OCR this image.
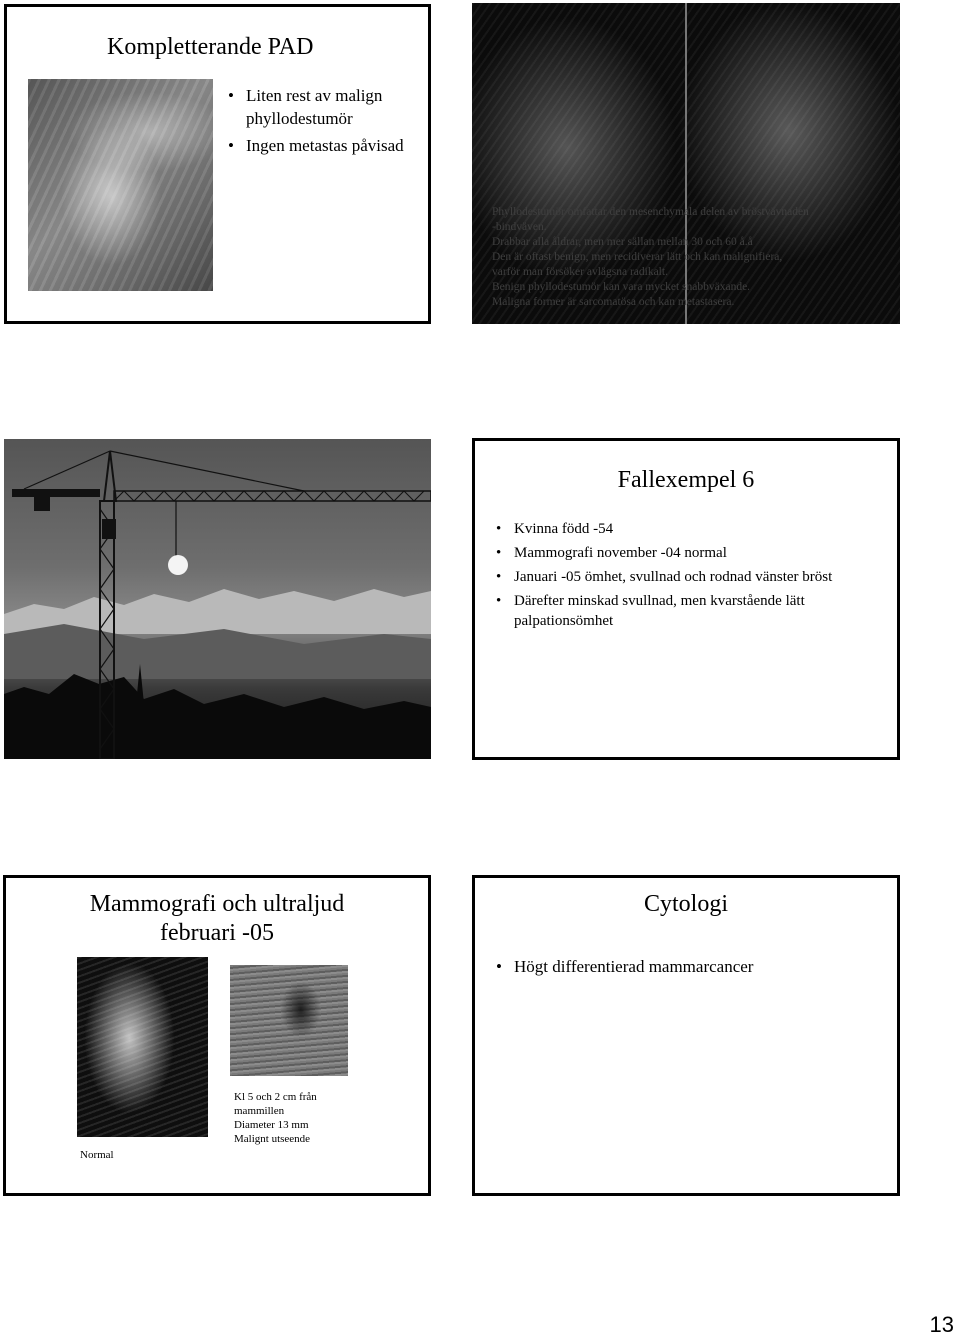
Kompletterande PAD
• Liten rest av malign phyllodestumör
• Ingen metastas påvisad
Phyllodestumör omfattar den mesenchymala delen av bröstvävnaden
-bindväven.
Drabbar alla åldrar, men mer sällan mellan 30 och 60 å.å
Den är oftast benign, men recidiverar lätt och kan malignifiera,
varför man försöker avlägsna radikalt.
Benign phyllodestumör kan vara mycket snabbväxande.
Maligna former är sarcomatösa och kan metastasera.
Fallexempel 6
• Kvinna född -54
• Mammografi november -04 normal
• Januari -05 ömhet, svullnad och rodnad vänster bröst
• Därefter minskad svullnad, men kvarstående lätt palpationsömhet
Mammografi och ultraljud
februari -05
Normal
Kl 5 och 2 cm från
mammillen
Diameter 13 mm
Malignt utseende
Cytologi
• Högt differentierad mammarcancer
13
